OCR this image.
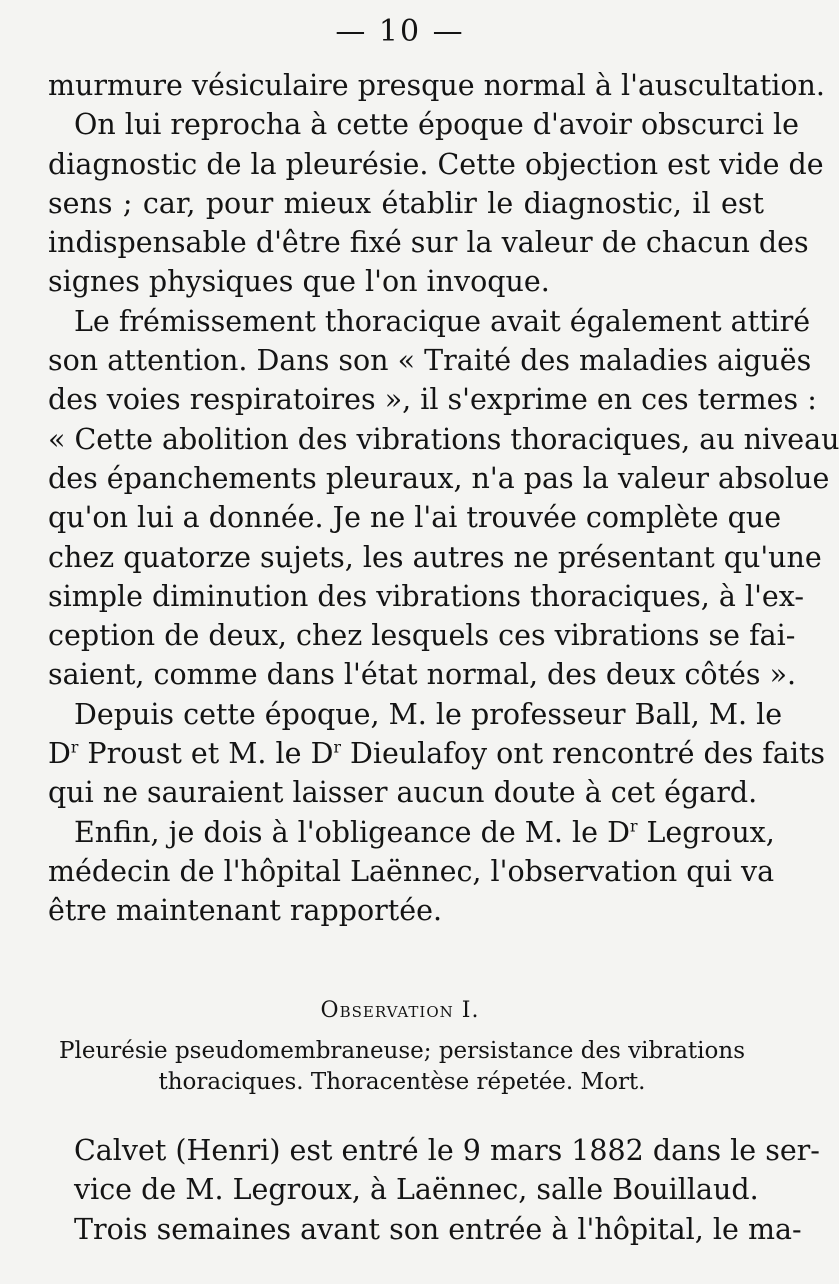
— 10 —
murmure vésiculaire presque normal à l'auscultation.
On lui reprocha à cette époque d'avoir obscurci le
diagnostic de la pleurésie. Cette objection est vide de
sens ; car, pour mieux établir le diagnostic, il est
indispensable d'être fixé sur la valeur de chacun des
signes physiques que l'on invoque.
Le frémissement thoracique avait également attiré
son attention. Dans son « Traité des maladies aiguës
des voies respiratoires », il s'exprime en ces termes :
« Cette abolition des vibrations thoraciques, au niveau
des épanchements pleuraux, n'a pas la valeur absolue
qu'on lui a donnée. Je ne l'ai trouvée complète que
chez quatorze sujets, les autres ne présentant qu'une
simple diminution des vibrations thoraciques, à l'ex-
ception de deux, chez lesquels ces vibrations se fai-
saient, comme dans l'état normal, des deux côtés ».
Depuis cette époque, M. le professeur Ball, M. le
$D^r$ Proust et M. le $D^r$ Dieulafoy ont rencontré des faits
qui ne sauraient laisser aucun doute à cet égard.
Enfin, je dois à l'obligeance de M. le $D^r$ Legroux,
médecin de l'hôpital Laënnec, l'observation qui va
être maintenant rapportée.
Observation I.
Pleurésie pseudomembraneuse; persistance des vibrations
thoraciques. Thoracentèse répetée. Mort.
Calvet (Henri) est entré le 9 mars 1882 dans le ser-
vice de M. Legroux, à Laënnec, salle Bouillaud.
Trois semaines avant son entrée à l'hôpital, le ma-
